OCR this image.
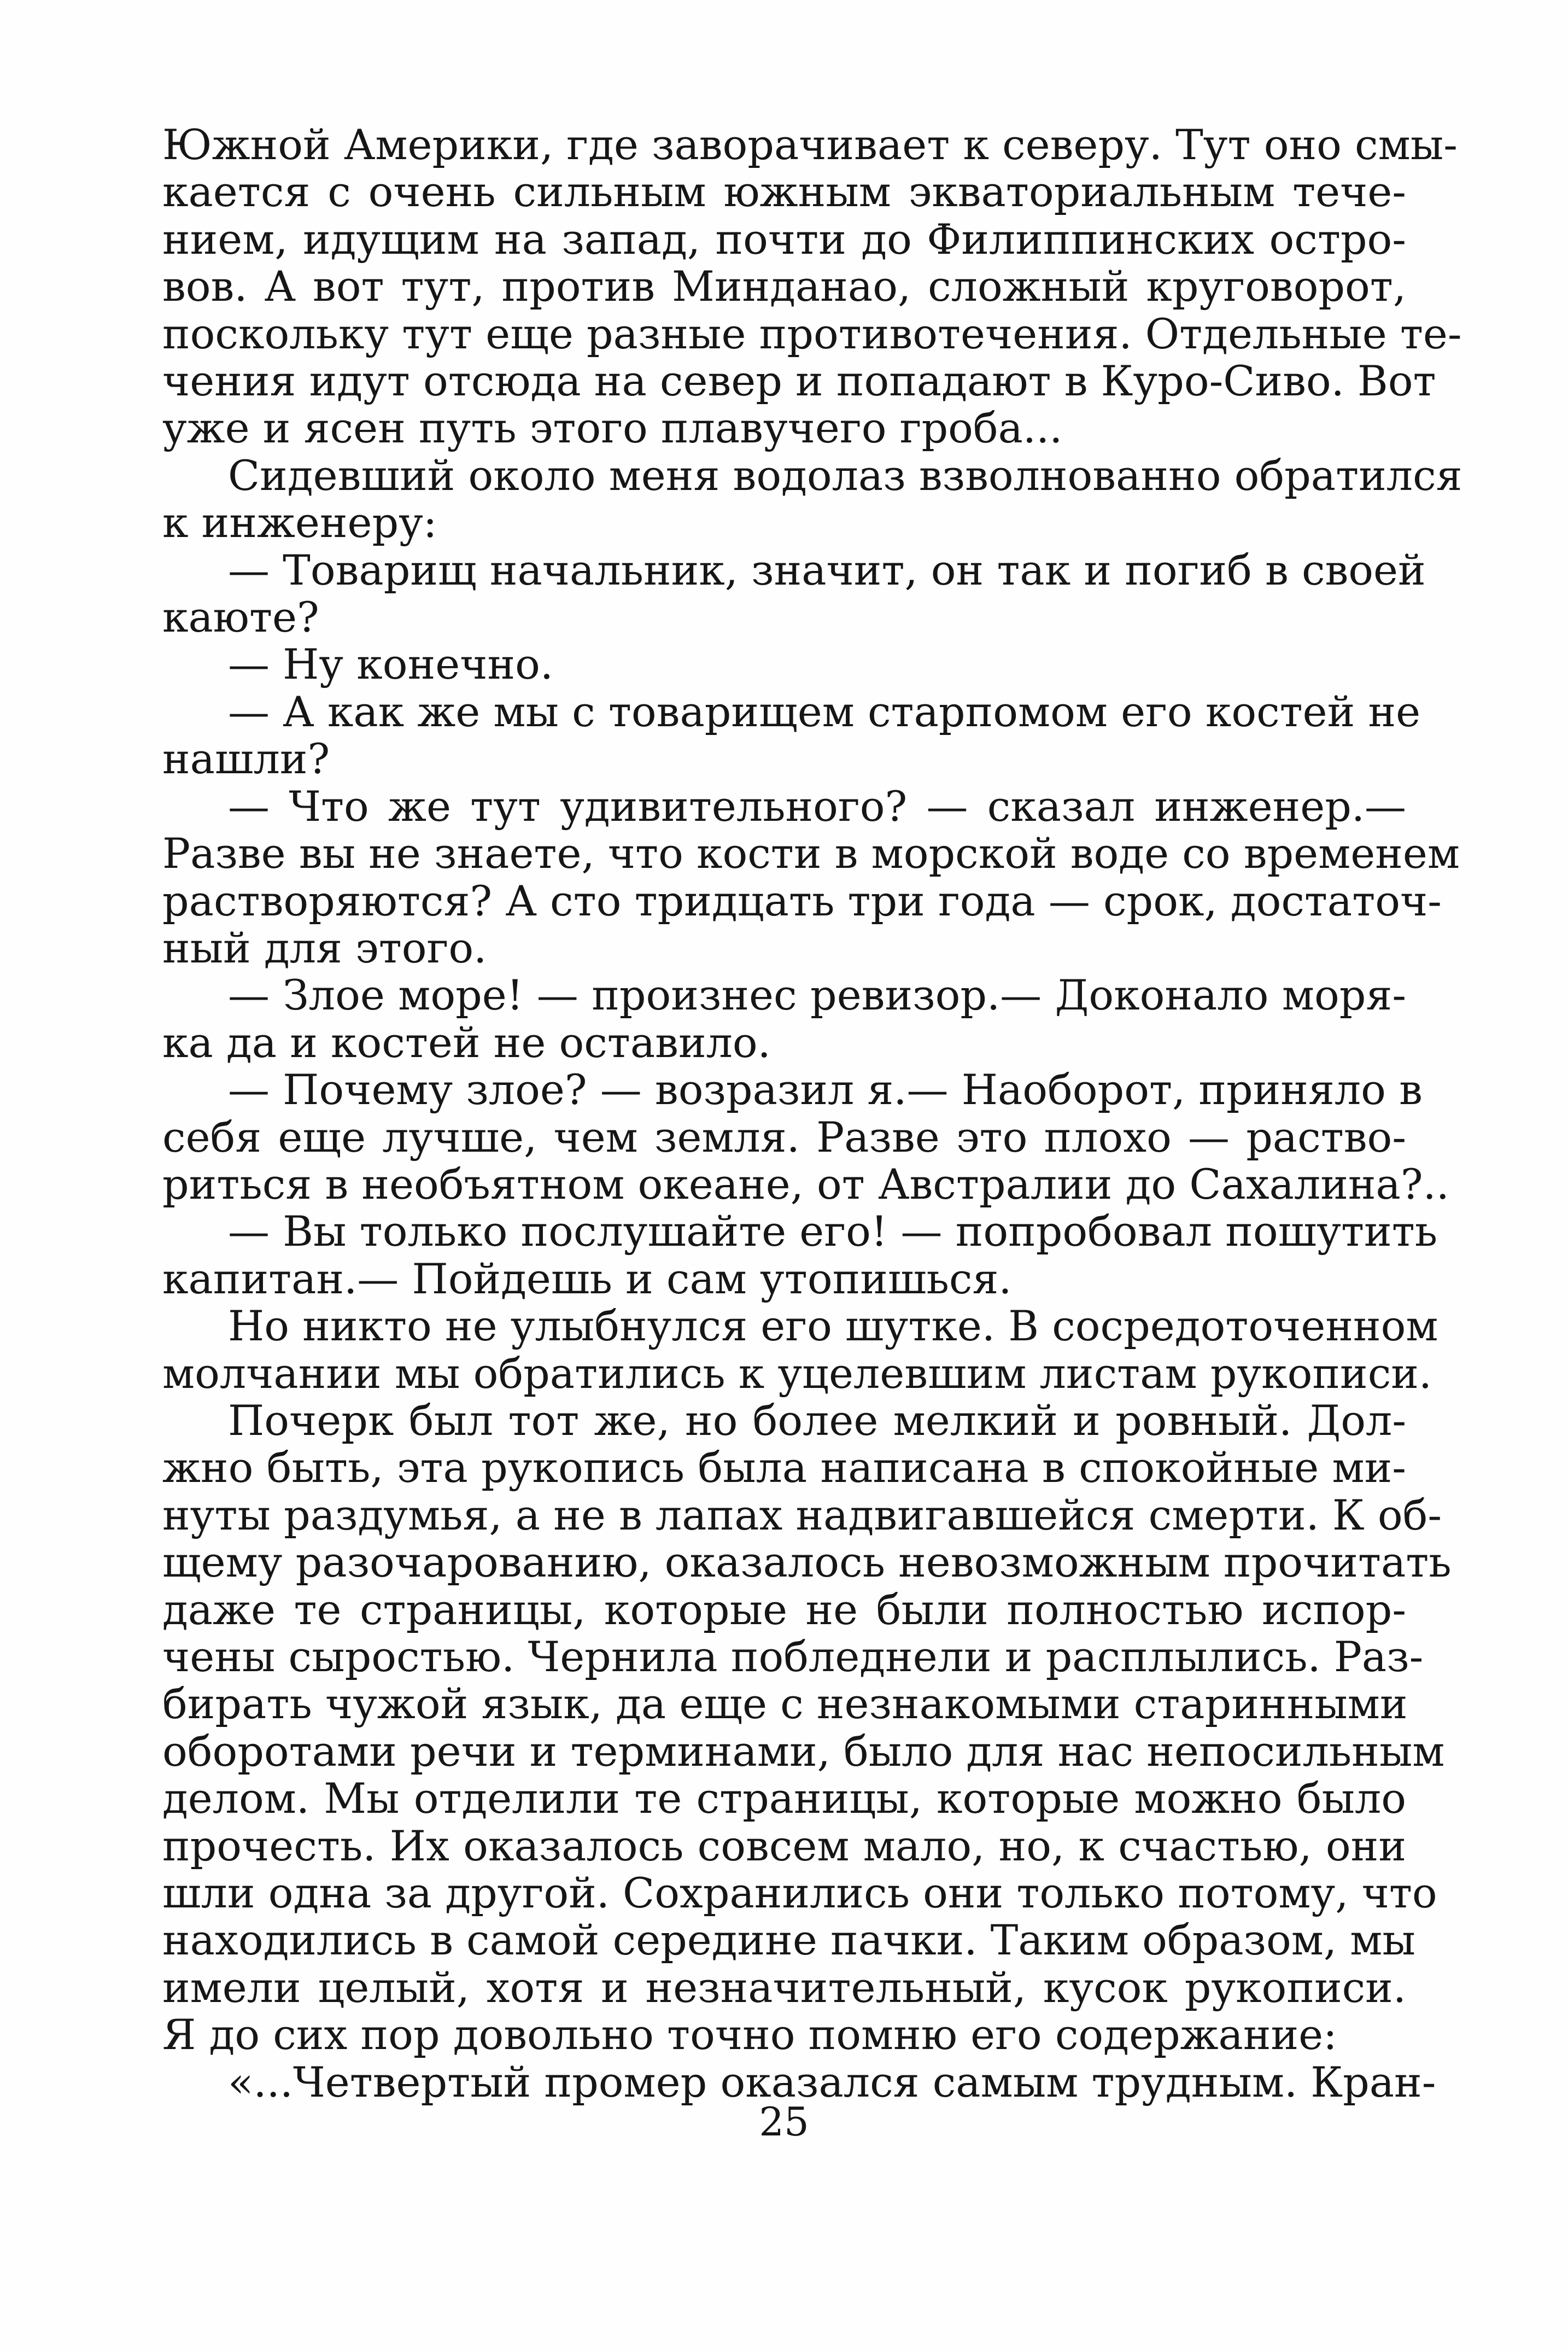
Южной Америки, где заворачивает к северу. Тут оно смы-
кается с очень сильным южным экваториальным тече-
нием, идущим на запад, почти до Филиппинских остро-
вов. А вот тут, против Минданао, сложный круговорот,
поскольку тут еще разные противотечения. Отдельные те-
чения идут отсюда на север и попадают в Куро-Сиво. Вот
уже и ясен путь этого плавучего гроба...

Сидевший около меня водолаз взволнованно обратился
к инженеру:

— Товарищ начальник, значит, он так и погиб в своей
каюте?

— Ну конечно.

— А как же мы с товарищем старпомом его костей не
нашли?

— Что же тут удивительного? — сказал инженер.—
Разве вы не знаете, что кости в морской воде со временем
растворяются? А сто тридцать три года — срок, достаточ-
ный для этого.

— Злое море! — произнес ревизор.— Доконало моря-
ка да и костей не оставило.

— Почему злое? — возразил я.— Наоборот, приняло в
себя еще лучше, чем земля. Разве это плохо — раство-
риться в необъятном океане, от Австралии до Сахалина?..

— Вы только послушайте его! — попробовал пошутить
капитан.— Пойдешь и сам утопишься.

Но никто не улыбнулся его шутке. В сосредоточенном
молчании мы обратились к уцелевшим листам рукописи.

Почерк был тот же, но более мелкий и ровный. Дол-
жно быть, эта рукопись была написана в спокойные ми-
нуты раздумья, а не в лапах надвигавшейся смерти. К об-
щему разочарованию, оказалось невозможным прочитать
даже те страницы, которые не были полностью испор-
чены сыростью. Чернила побледнели и расплылись. Раз-
бирать чужой язык, да еще с незнакомыми старинными
оборотами речи и терминами, было для нас непосильным
делом. Мы отделили те страницы, которые можно было
прочесть. Их оказалось совсем мало, но, к счастью, они
шли одна за другой. Сохранились они только потому, что
находились в самой середине пачки. Таким образом, мы
имели целый, хотя и незначительный, кусок рукописи.
Я до сих пор довольно точно помню его содержание:

«...Четвертый промер оказался самым трудным. Кран-

25
